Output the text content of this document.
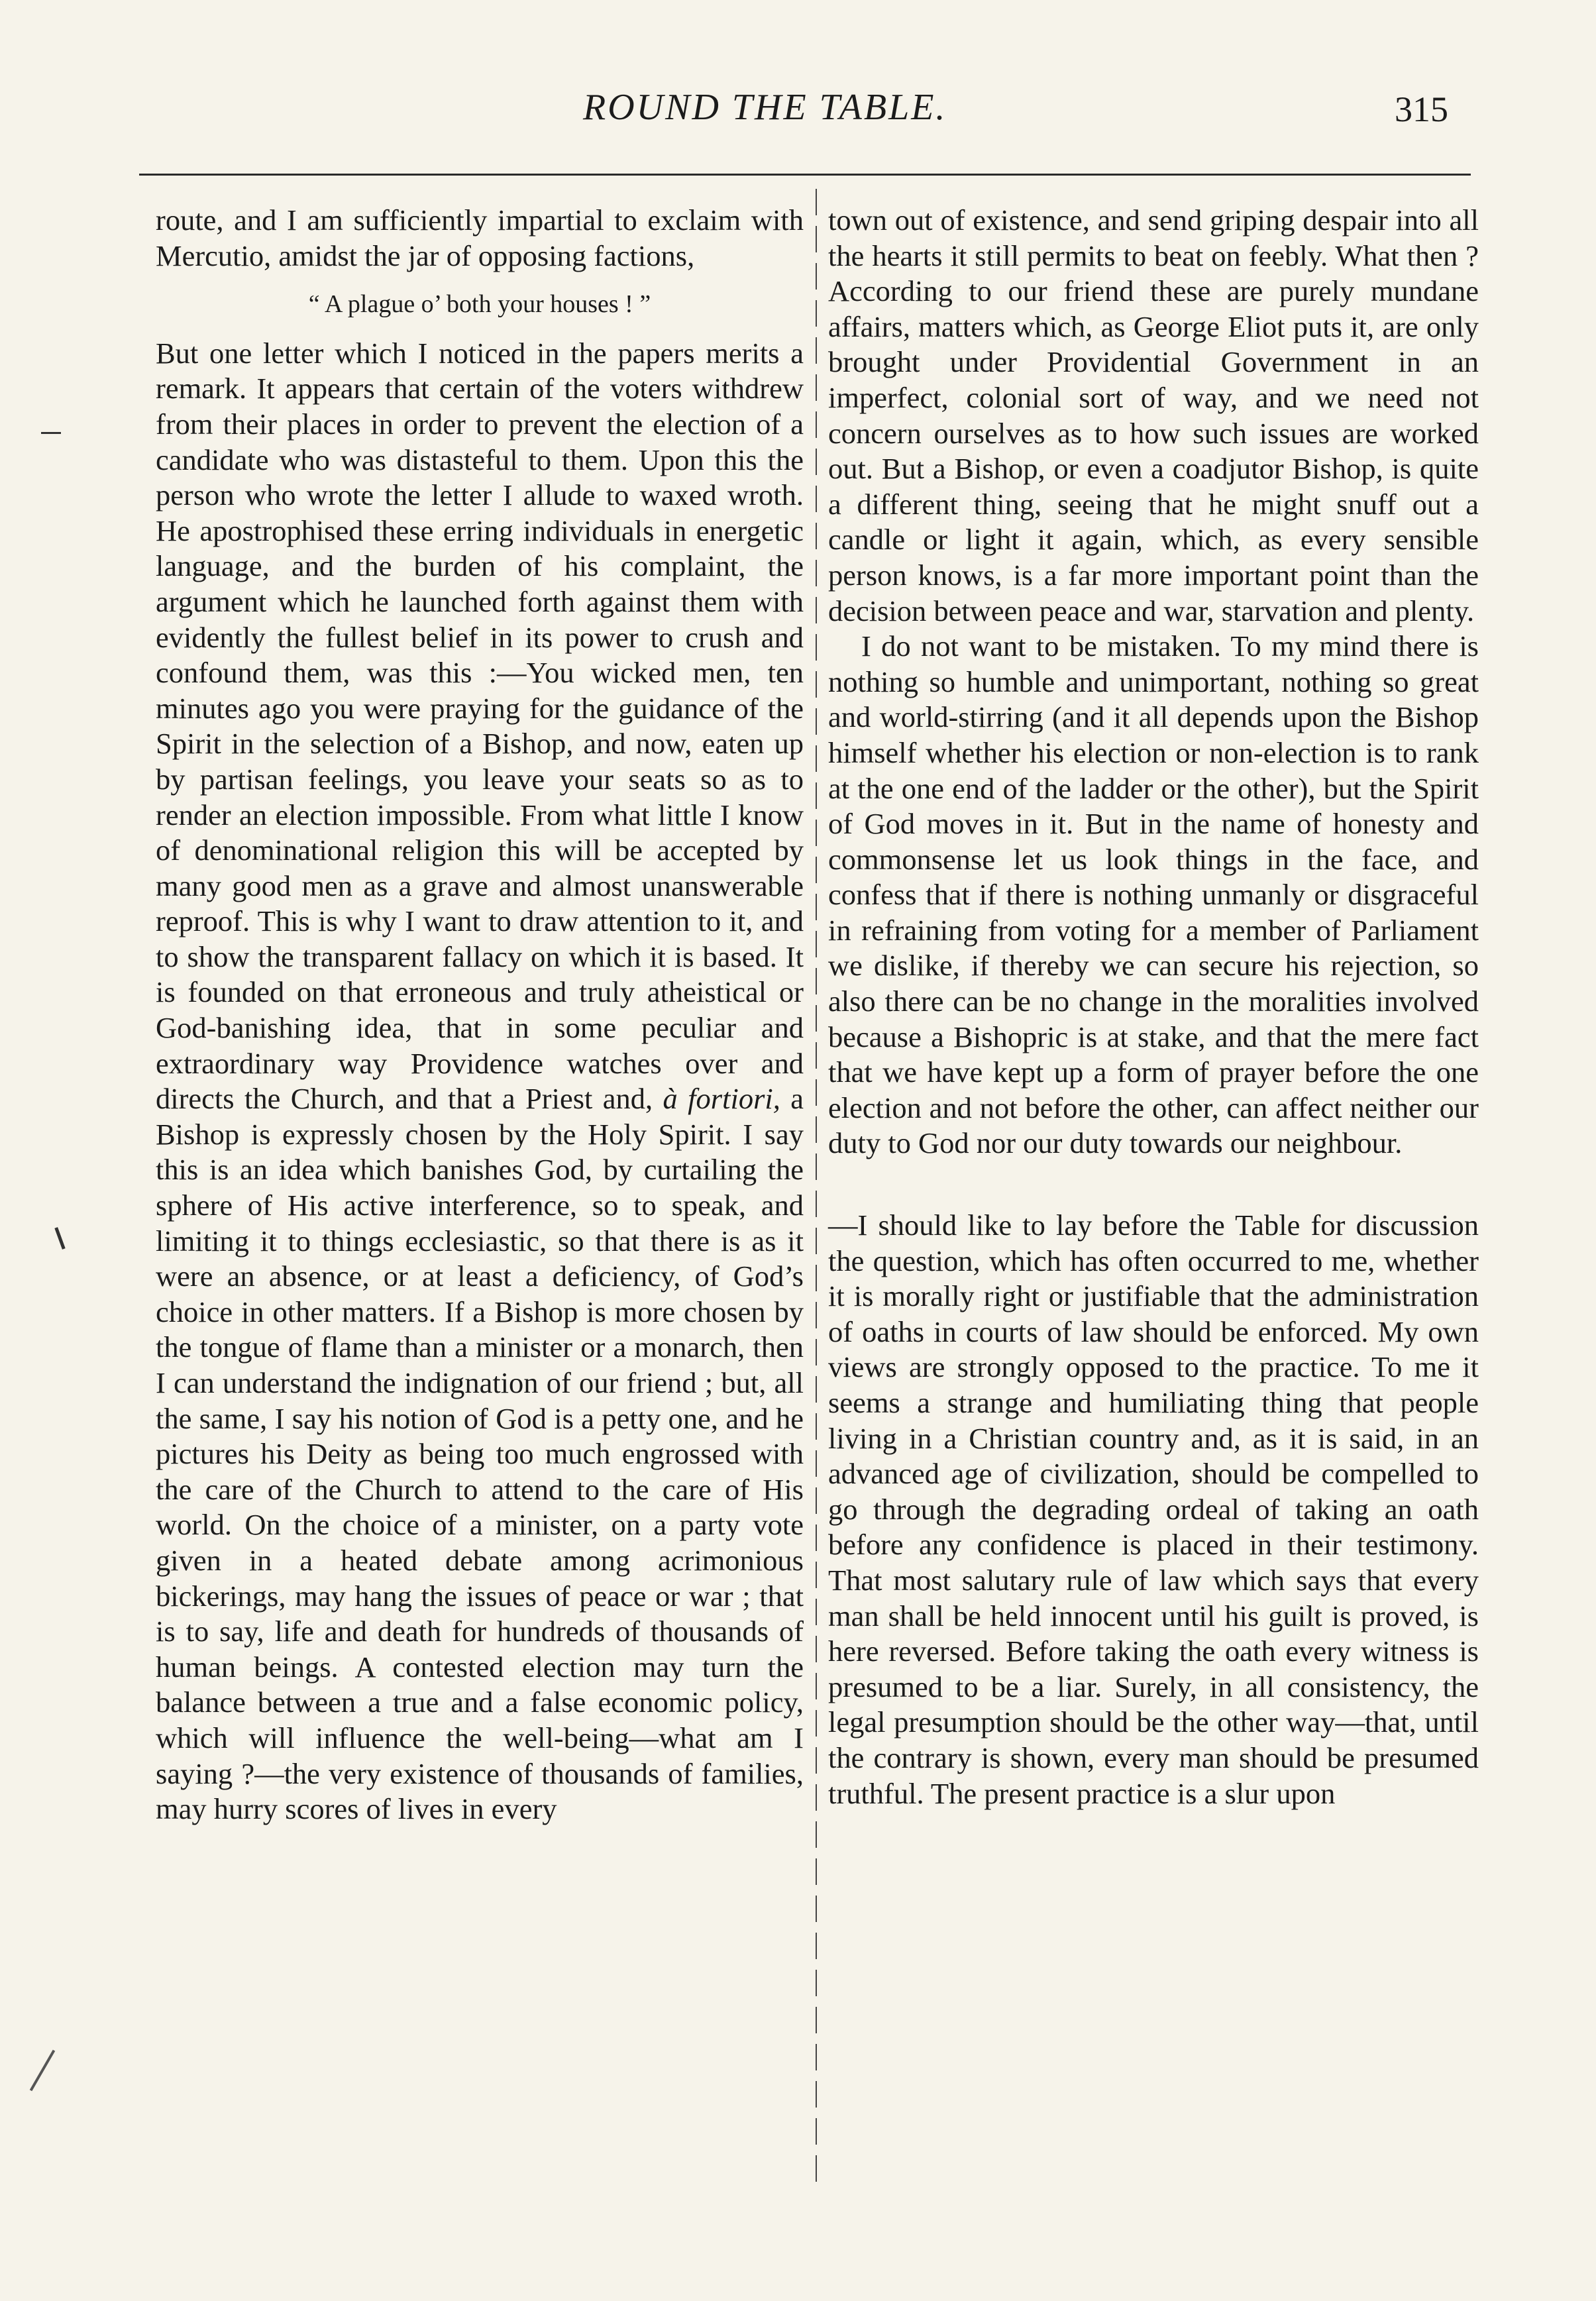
ROUND THE TABLE.	315

route, and I am sufficiently impartial to exclaim with Mercutio, amidst the jar of opposing factions,

“ A plague o’ both your houses ! ”

But one letter which I noticed in the papers merits a remark. It appears that certain of the voters withdrew from their places in order to prevent the election of a candidate who was distasteful to them. Upon this the person who wrote the letter I allude to waxed wroth. He apostrophised these erring individuals in energetic language, and the burden of his complaint, the argument which he launched forth against them with evidently the fullest belief in its power to crush and confound them, was this :—You wicked men, ten minutes ago you were praying for the guidance of the Spirit in the selection of a Bishop, and now, eaten up by partisan feelings, you leave your seats so as to render an election impossible. From what little I know of denominational religion this will be accepted by many good men as a grave and almost unanswerable reproof. This is why I want to draw attention to it, and to show the transparent fallacy on which it is based. It is founded on that erroneous and truly atheistical or God-banishing idea, that in some peculiar and extraordinary way Providence watches over and directs the Church, and that a Priest and, à fortiori, a Bishop is expressly chosen by the Holy Spirit. I say this is an idea which banishes God, by curtailing the sphere of His active interference, so to speak, and limiting it to things ecclesiastic, so that there is as it were an absence, or at least a deficiency, of God’s choice in other matters. If a Bishop is more chosen by the tongue of flame than a minister or a monarch, then I can understand the indignation of our friend ; but, all the same, I say his notion of God is a petty one, and he pictures his Deity as being too much engrossed with the care of the Church to attend to the care of His world. On the choice of a minister, on a party vote given in a heated debate among acrimonious bickerings, may hang the issues of peace or war ; that is to say, life and death for hundreds of thousands of human beings. A contested election may turn the balance between a true and a false economic policy, which will influence the well-being—what am I saying ?—the very existence of thousands of families, may hurry scores of lives in every

town out of existence, and send griping despair into all the hearts it still permits to beat on feebly. What then ? According to our friend these are purely mundane affairs, matters which, as George Eliot puts it, are only brought under Providential Government in an imperfect, colonial sort of way, and we need not concern ourselves as to how such issues are worked out. But a Bishop, or even a coadjutor Bishop, is quite a different thing, seeing that he might snuff out a candle or light it again, which, as every sensible person knows, is a far more important point than the decision between peace and war, starvation and plenty.

I do not want to be mistaken. To my mind there is nothing so humble and unimportant, nothing so great and world-stirring (and it all depends upon the Bishop himself whether his election or non-election is to rank at the one end of the ladder or the other), but the Spirit of God moves in it. But in the name of honesty and commonsense let us look things in the face, and confess that if there is nothing unmanly or disgraceful in refraining from voting for a member of Parliament we dislike, if thereby we can secure his rejection, so also there can be no change in the moralities involved because a Bishopric is at stake, and that the mere fact that we have kept up a form of prayer before the one election and not before the other, can affect neither our duty to God nor our duty towards our neighbour.

—I should like to lay before the Table for discussion the question, which has often occurred to me, whether it is morally right or justifiable that the administration of oaths in courts of law should be enforced. My own views are strongly opposed to the practice. To me it seems a strange and humiliating thing that people living in a Christian country and, as it is said, in an advanced age of civilization, should be compelled to go through the degrading ordeal of taking an oath before any confidence is placed in their testimony. That most salutary rule of law which says that every man shall be held innocent until his guilt is proved, is here reversed. Before taking the oath every witness is presumed to be a liar. Surely, in all consistency, the legal presumption should be the other way—that, until the contrary is shown, every man should be presumed truthful. The present practice is a slur upon
